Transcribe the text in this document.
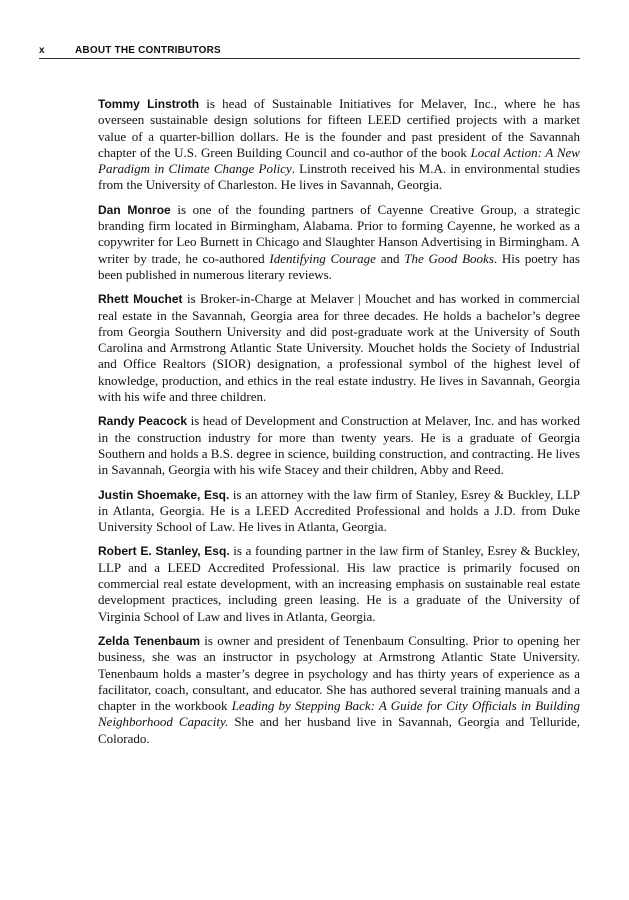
x	ABOUT THE CONTRIBUTORS

Tommy Linstroth is head of Sustainable Initiatives for Melaver, Inc., where he has overseen sustainable design solutions for fifteen LEED certified projects with a market value of a quarter-billion dollars. He is the founder and past president of the Savannah chapter of the U.S. Green Building Council and co-author of the book Local Action: A New Paradigm in Climate Change Policy. Linstroth received his M.A. in environmental studies from the University of Charleston. He lives in Savannah, Georgia.

Dan Monroe is one of the founding partners of Cayenne Creative Group, a strategic branding firm located in Birmingham, Alabama. Prior to forming Cayenne, he worked as a copywriter for Leo Burnett in Chicago and Slaughter Hanson Advertising in Birmingham. A writer by trade, he co-authored Identifying Courage and The Good Books. His poetry has been published in numerous literary reviews.

Rhett Mouchet is Broker-in-Charge at Melaver | Mouchet and has worked in commercial real estate in the Savannah, Georgia area for three decades. He holds a bachelor’s degree from Georgia Southern University and did post-graduate work at the University of South Carolina and Armstrong Atlantic State University. Mouchet holds the Society of Industrial and Office Realtors (SIOR) designation, a professional symbol of the highest level of knowledge, production, and ethics in the real estate industry. He lives in Savannah, Georgia with his wife and three children.

Randy Peacock is head of Development and Construction at Melaver, Inc. and has worked in the construction industry for more than twenty years. He is a graduate of Georgia Southern and holds a B.S. degree in science, building construction, and contracting. He lives in Savannah, Georgia with his wife Stacey and their children, Abby and Reed.

Justin Shoemake, Esq. is an attorney with the law firm of Stanley, Esrey & Buckley, LLP in Atlanta, Georgia. He is a LEED Accredited Professional and holds a J.D. from Duke University School of Law. He lives in Atlanta, Georgia.

Robert E. Stanley, Esq. is a founding partner in the law firm of Stanley, Esrey & Buckley, LLP and a LEED Accredited Professional. His law practice is primarily focused on commercial real estate development, with an increasing emphasis on sustainable real estate development practices, including green leasing. He is a graduate of the University of Virginia School of Law and lives in Atlanta, Georgia.

Zelda Tenenbaum is owner and president of Tenenbaum Consulting. Prior to opening her business, she was an instructor in psychology at Armstrong Atlantic State University. Tenenbaum holds a master’s degree in psychology and has thirty years of experience as a facilitator, coach, consultant, and educator. She has authored several training manuals and a chapter in the workbook Leading by Stepping Back: A Guide for City Officials in Building Neighborhood Capacity. She and her husband live in Savannah, Georgia and Telluride, Colorado.
